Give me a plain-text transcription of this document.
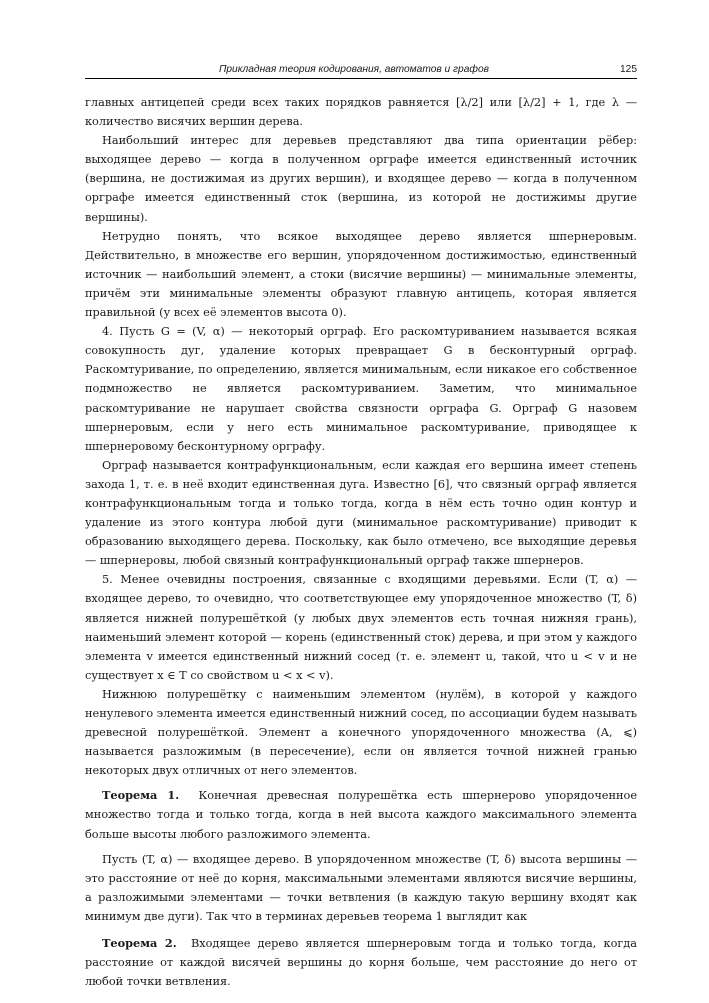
Прикладная теория кодирования, автоматов и графов	125

главных антицепей среди всех таких порядков равняется [λ/2] или [λ/2] + 1, где λ — количество висячих вершин дерева.

Наибольший интерес для деревьев представляют два типа ориентации рёбер: выходящее дерево — когда в полученном орграфе имеется единственный источник (вершина, не достижимая из других вершин), и входящее дерево — когда в полученном орграфе имеется единственный сток (вершина, из которой не достижимы другие вершины).

Нетрудно понять, что всякое выходящее дерево является шпернеровым. Действительно, в множестве его вершин, упорядоченном достижимостью, единственный источник — наибольший элемент, а стоки (висячие вершины) — минимальные элементы, причём эти минимальные элементы образуют главную антицепь, которая является правильной (у всех её элементов высота 0).

4. Пусть G = (V, α) — некоторый орграф. Его раскомтуриванием называется всякая совокупность дуг, удаление которых превращает G в бесконтурный орграф. Раскомтуривание, по определению, является минимальным, если никакое его собственное подмножество не является раскомтуриванием. Заметим, что минимальное раскомтуривание не нарушает свойства связности орграфа G. Орграф G назовем шпернеровым, если у него есть минимальное раскомтуривание, приводящее к шпернеровому бесконтурному орграфу.

Орграф называется контрафункциональным, если каждая его вершина имеет степень захода 1, т. е. в неё входит единственная дуга. Известно [6], что связный орграф является контрафункциональным тогда и только тогда, когда в нём есть точно один контур и удаление из этого контура любой дуги (минимальное раскомтуривание) приводит к образованию выходящего дерева. Поскольку, как было отмечено, все выходящие деревья — шпернеровы, любой связный контрафункциональный орграф также шпернеров.

5. Менее очевидны построения, связанные с входящими деревьями. Если (T, α) — входящее дерево, то очевидно, что соответствующее ему упорядоченное множество (T, δ) является нижней полурешёткой (у любых двух элементов есть точная нижняя грань), наименьший элемент которой — корень (единственный сток) дерева, и при этом у каждого элемента v имеется единственный нижний сосед (т. е. элемент u, такой, что u < v и не существует x ∈ T со свойством u < x < v).

Нижнюю полурешётку с наименьшим элементом (нулём), в которой у каждого ненулевого элемента имеется единственный нижний сосед, по ассоциации будем называть древесной полурешёткой. Элемент a конечного упорядоченного множества (A, ⩽) называется разложимым (в пересечение), если он является точной нижней гранью некоторых двух отличных от него элементов.

Теорема 1. Конечная древесная полурешётка есть шпернерово упорядоченное множество тогда и только тогда, когда в ней высота каждого максимального элемента больше высоты любого разложимого элемента.

Пусть (T, α) — входящее дерево. В упорядоченном множестве (T, δ) высота вершины — это расстояние от неё до корня, максимальными элементами являются висячие вершины, а разложимыми элементами — точки ветвления (в каждую такую вершину входят как минимум две дуги). Так что в терминах деревьев теорема 1 выглядит как

Теорема 2. Входящее дерево является шпернеровым тогда и только тогда, когда расстояние от каждой висячей вершины до корня больше, чем расстояние до него от любой точки ветвления.
